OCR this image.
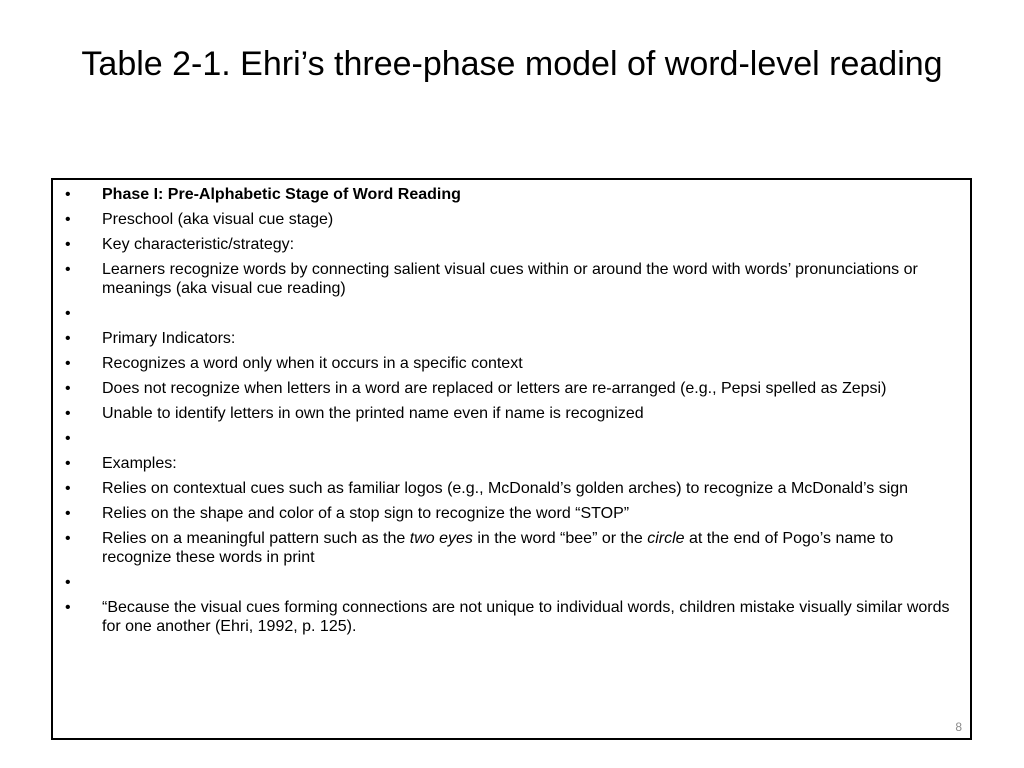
Table 2-1. Ehri’s three-phase model of word-level reading
•	Phase I: Pre-Alphabetic Stage of Word Reading
•	Preschool (aka visual cue stage)
•	Key characteristic/strategy:
•	Learners recognize words by connecting salient visual cues within or around the word with words’ pronunciations or meanings (aka visual cue reading)
•
•	Primary Indicators:
•	Recognizes a word only when it occurs in a specific context
•	Does not recognize when letters in a word are replaced or letters are re-arranged (e.g., Pepsi spelled as Zepsi)
•	Unable to identify letters in own the printed name even if name is recognized
•
•	Examples:
•	Relies on contextual cues such as familiar logos (e.g., McDonald’s golden arches) to recognize a McDonald’s sign
•	Relies on the shape and color of a stop sign to recognize the word “STOP”
•	Relies on a meaningful pattern such as the two eyes in the word “bee” or the circle at the end of Pogo’s name to recognize these words in print
•
•	“Because the visual cues forming connections are not unique to individual words, children mistake visually similar words for one another (Ehri, 1992, p. 125).
8
